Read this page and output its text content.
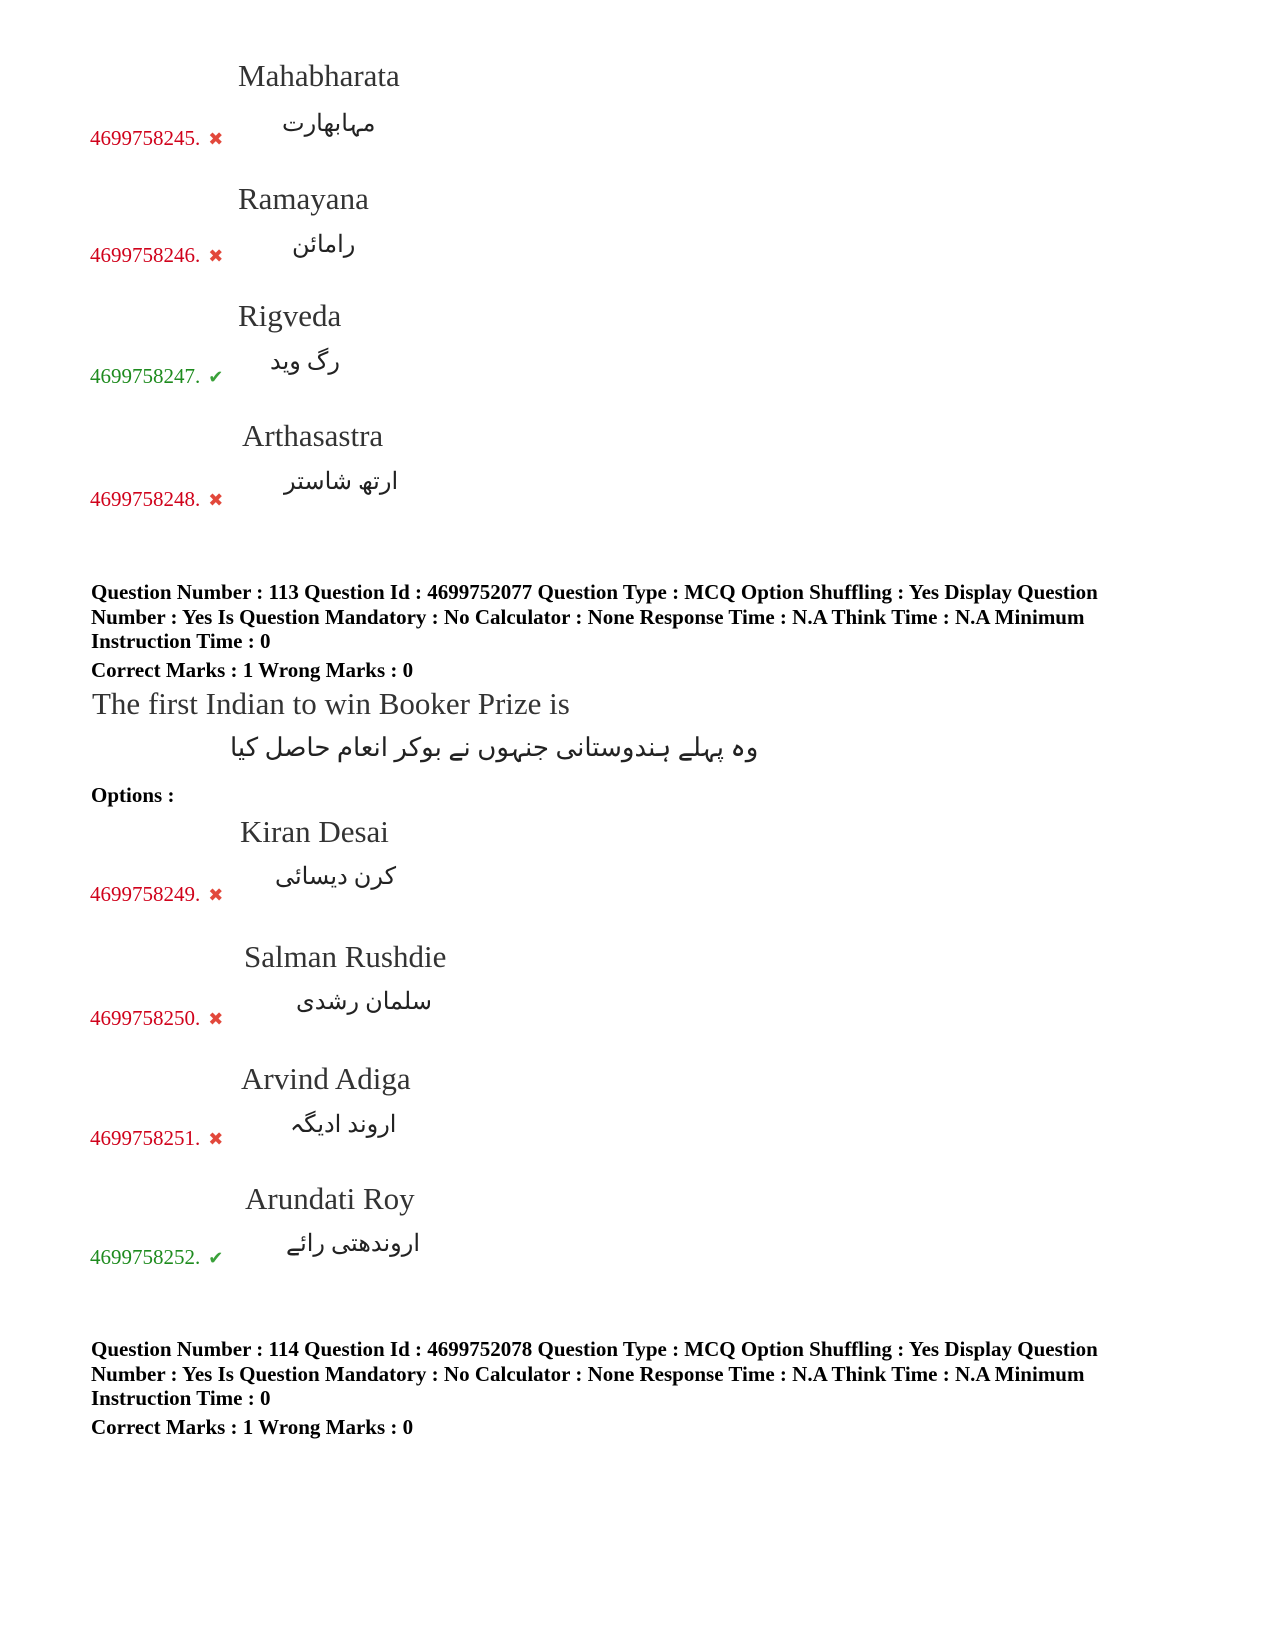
Mahabharata
مہابھارت
4699758245. ✖
Ramayana
رامائن
4699758246. ✖
Rigveda
رگ وید
4699758247. ✔
Arthasastra
ارتھ شاستر
4699758248. ✖
Question Number : 113 Question Id : 4699752077 Question Type : MCQ Option Shuffling : Yes Display Question
Number : Yes Is Question Mandatory : No Calculator : None Response Time : N.A Think Time : N.A Minimum
Instruction Time : 0
Correct Marks : 1 Wrong Marks : 0
The first Indian to win Booker Prize is
وہ پہلے ہندوستانی جنہوں نے بوکر انعام حاصل کیا
Options :
Kiran Desai
کرن دیسائی
4699758249. ✖
Salman Rushdie
سلمان رشدی
4699758250. ✖
Arvind Adiga
اروند ادیگہ
4699758251. ✖
Arundati Roy
اروندھتی رائے
4699758252. ✔
Question Number : 114 Question Id : 4699752078 Question Type : MCQ Option Shuffling : Yes Display Question
Number : Yes Is Question Mandatory : No Calculator : None Response Time : N.A Think Time : N.A Minimum
Instruction Time : 0
Correct Marks : 1 Wrong Marks : 0
